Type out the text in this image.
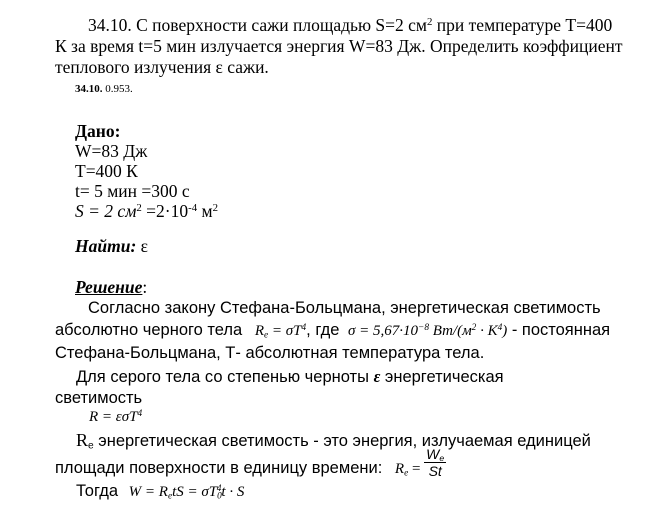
34.10. С поверхности сажи площадью S=2 $см^2$ при температуре Т=400
К за время t=5 мин излучается энергия W=83 Дж. Определить коэффициент
теплового излучения ε сажи.
34.10. 0.953.
Дано:
W=83 Дж
T=400 К
t= 5 мин =300 с
S = 2 $см^2 =2\cdot 10^{-4}$ $м^2$
Найти: ε
Решение:
Согласно закону Стефана-Больцмана, энергетическая светимость
абсолютно черного тела $R_e = \sigma T^4$, где $\sigma = 5,67\cdot 10^{-8}$ $Вт/(м^2 \cdot K^4)$ - постоянная
Стефана-Больцмана, Т- абсолютная температура тела.
Для серого тела со степенью черноты ε энергетическая
светимость
R = εσT$^4$
$R_e$ энергетическая светимость - это энергия, излучаемая единицей
площади поверхности в единицу времени: $R_e = \frac{W_e}{St}$
Тогда $W = R_etS = \sigma T_0^4t \cdot S$
